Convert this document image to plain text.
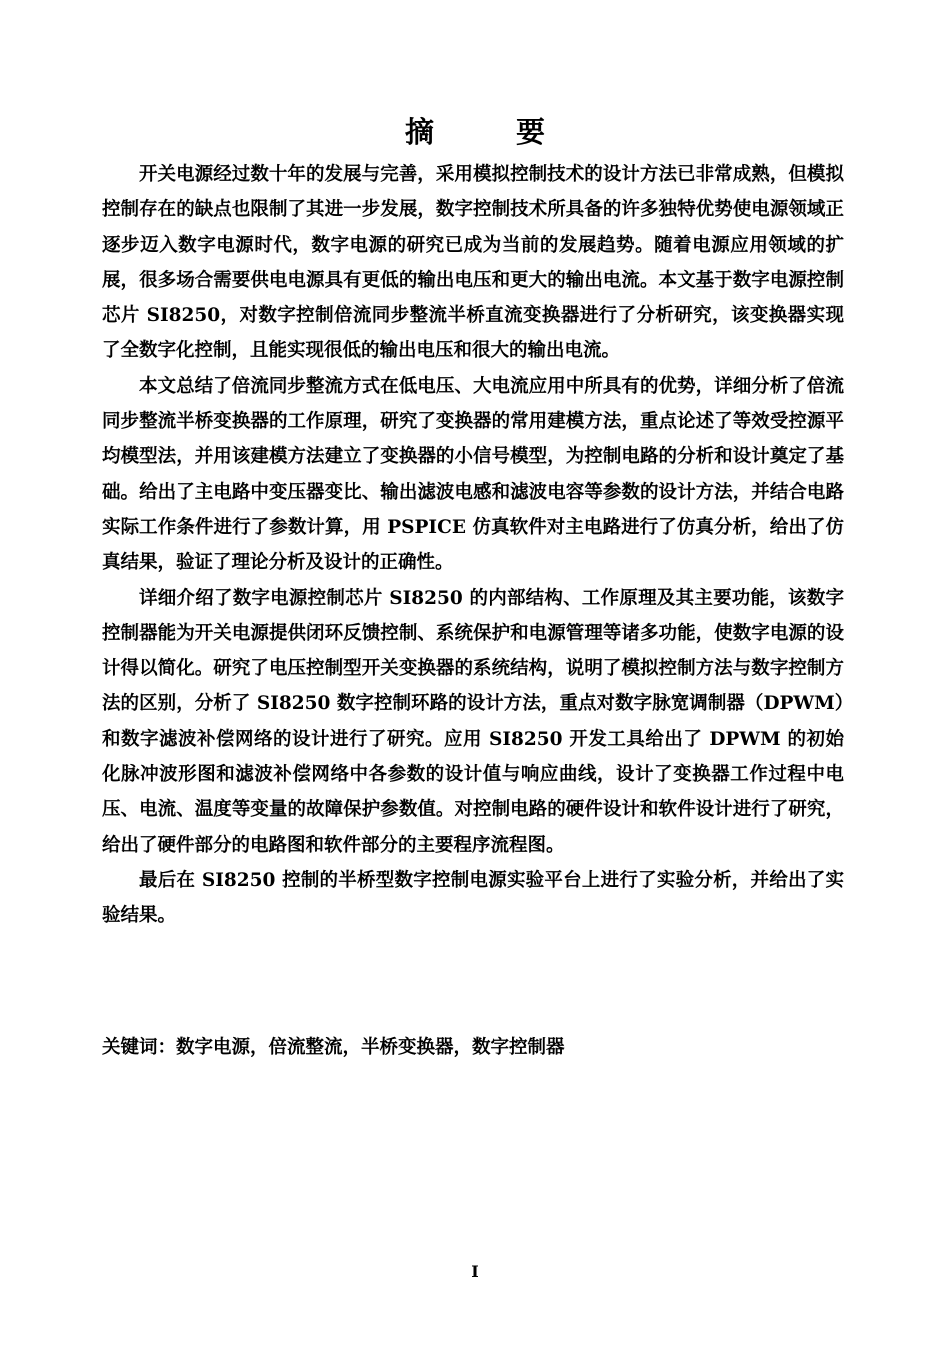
摘 要

开关电源经过数十年的发展与完善，采用模拟控制技术的设计方法已非常成熟，但模拟控制存在的缺点也限制了其进一步发展，数字控制技术所具备的许多独特优势使电源领域正逐步迈入数字电源时代，数字电源的研究已成为当前的发展趋势。随着电源应用领域的扩展，很多场合需要供电电源具有更低的输出电压和更大的输出电流。本文基于数字电源控制芯片 SI8250，对数字控制倍流同步整流半桥直流变换器进行了分析研究，该变换器实现了全数字化控制，且能实现很低的输出电压和很大的输出电流。

本文总结了倍流同步整流方式在低电压、大电流应用中所具有的优势，详细分析了倍流同步整流半桥变换器的工作原理，研究了变换器的常用建模方法，重点论述了等效受控源平均模型法，并用该建模方法建立了变换器的小信号模型，为控制电路的分析和设计奠定了基础。给出了主电路中变压器变比、输出滤波电感和滤波电容等参数的设计方法，并结合电路实际工作条件进行了参数计算，用 PSPICE 仿真软件对主电路进行了仿真分析，给出了仿真结果，验证了理论分析及设计的正确性。

详细介绍了数字电源控制芯片 SI8250 的内部结构、工作原理及其主要功能，该数字控制器能为开关电源提供闭环反馈控制、系统保护和电源管理等诸多功能，使数字电源的设计得以简化。研究了电压控制型开关变换器的系统结构，说明了模拟控制方法与数字控制方法的区别，分析了 SI8250 数字控制环路的设计方法，重点对数字脉宽调制器（DPWM）和数字滤波补偿网络的设计进行了研究。应用 SI8250 开发工具给出了 DPWM 的初始化脉冲波形图和滤波补偿网络中各参数的设计值与响应曲线，设计了变换器工作过程中电压、电流、温度等变量的故障保护参数值。对控制电路的硬件设计和软件设计进行了研究，给出了硬件部分的电路图和软件部分的主要程序流程图。

最后在 SI8250 控制的半桥型数字控制电源实验平台上进行了实验分析，并给出了实验结果。

关键词：数字电源，倍流整流，半桥变换器，数字控制器
I
